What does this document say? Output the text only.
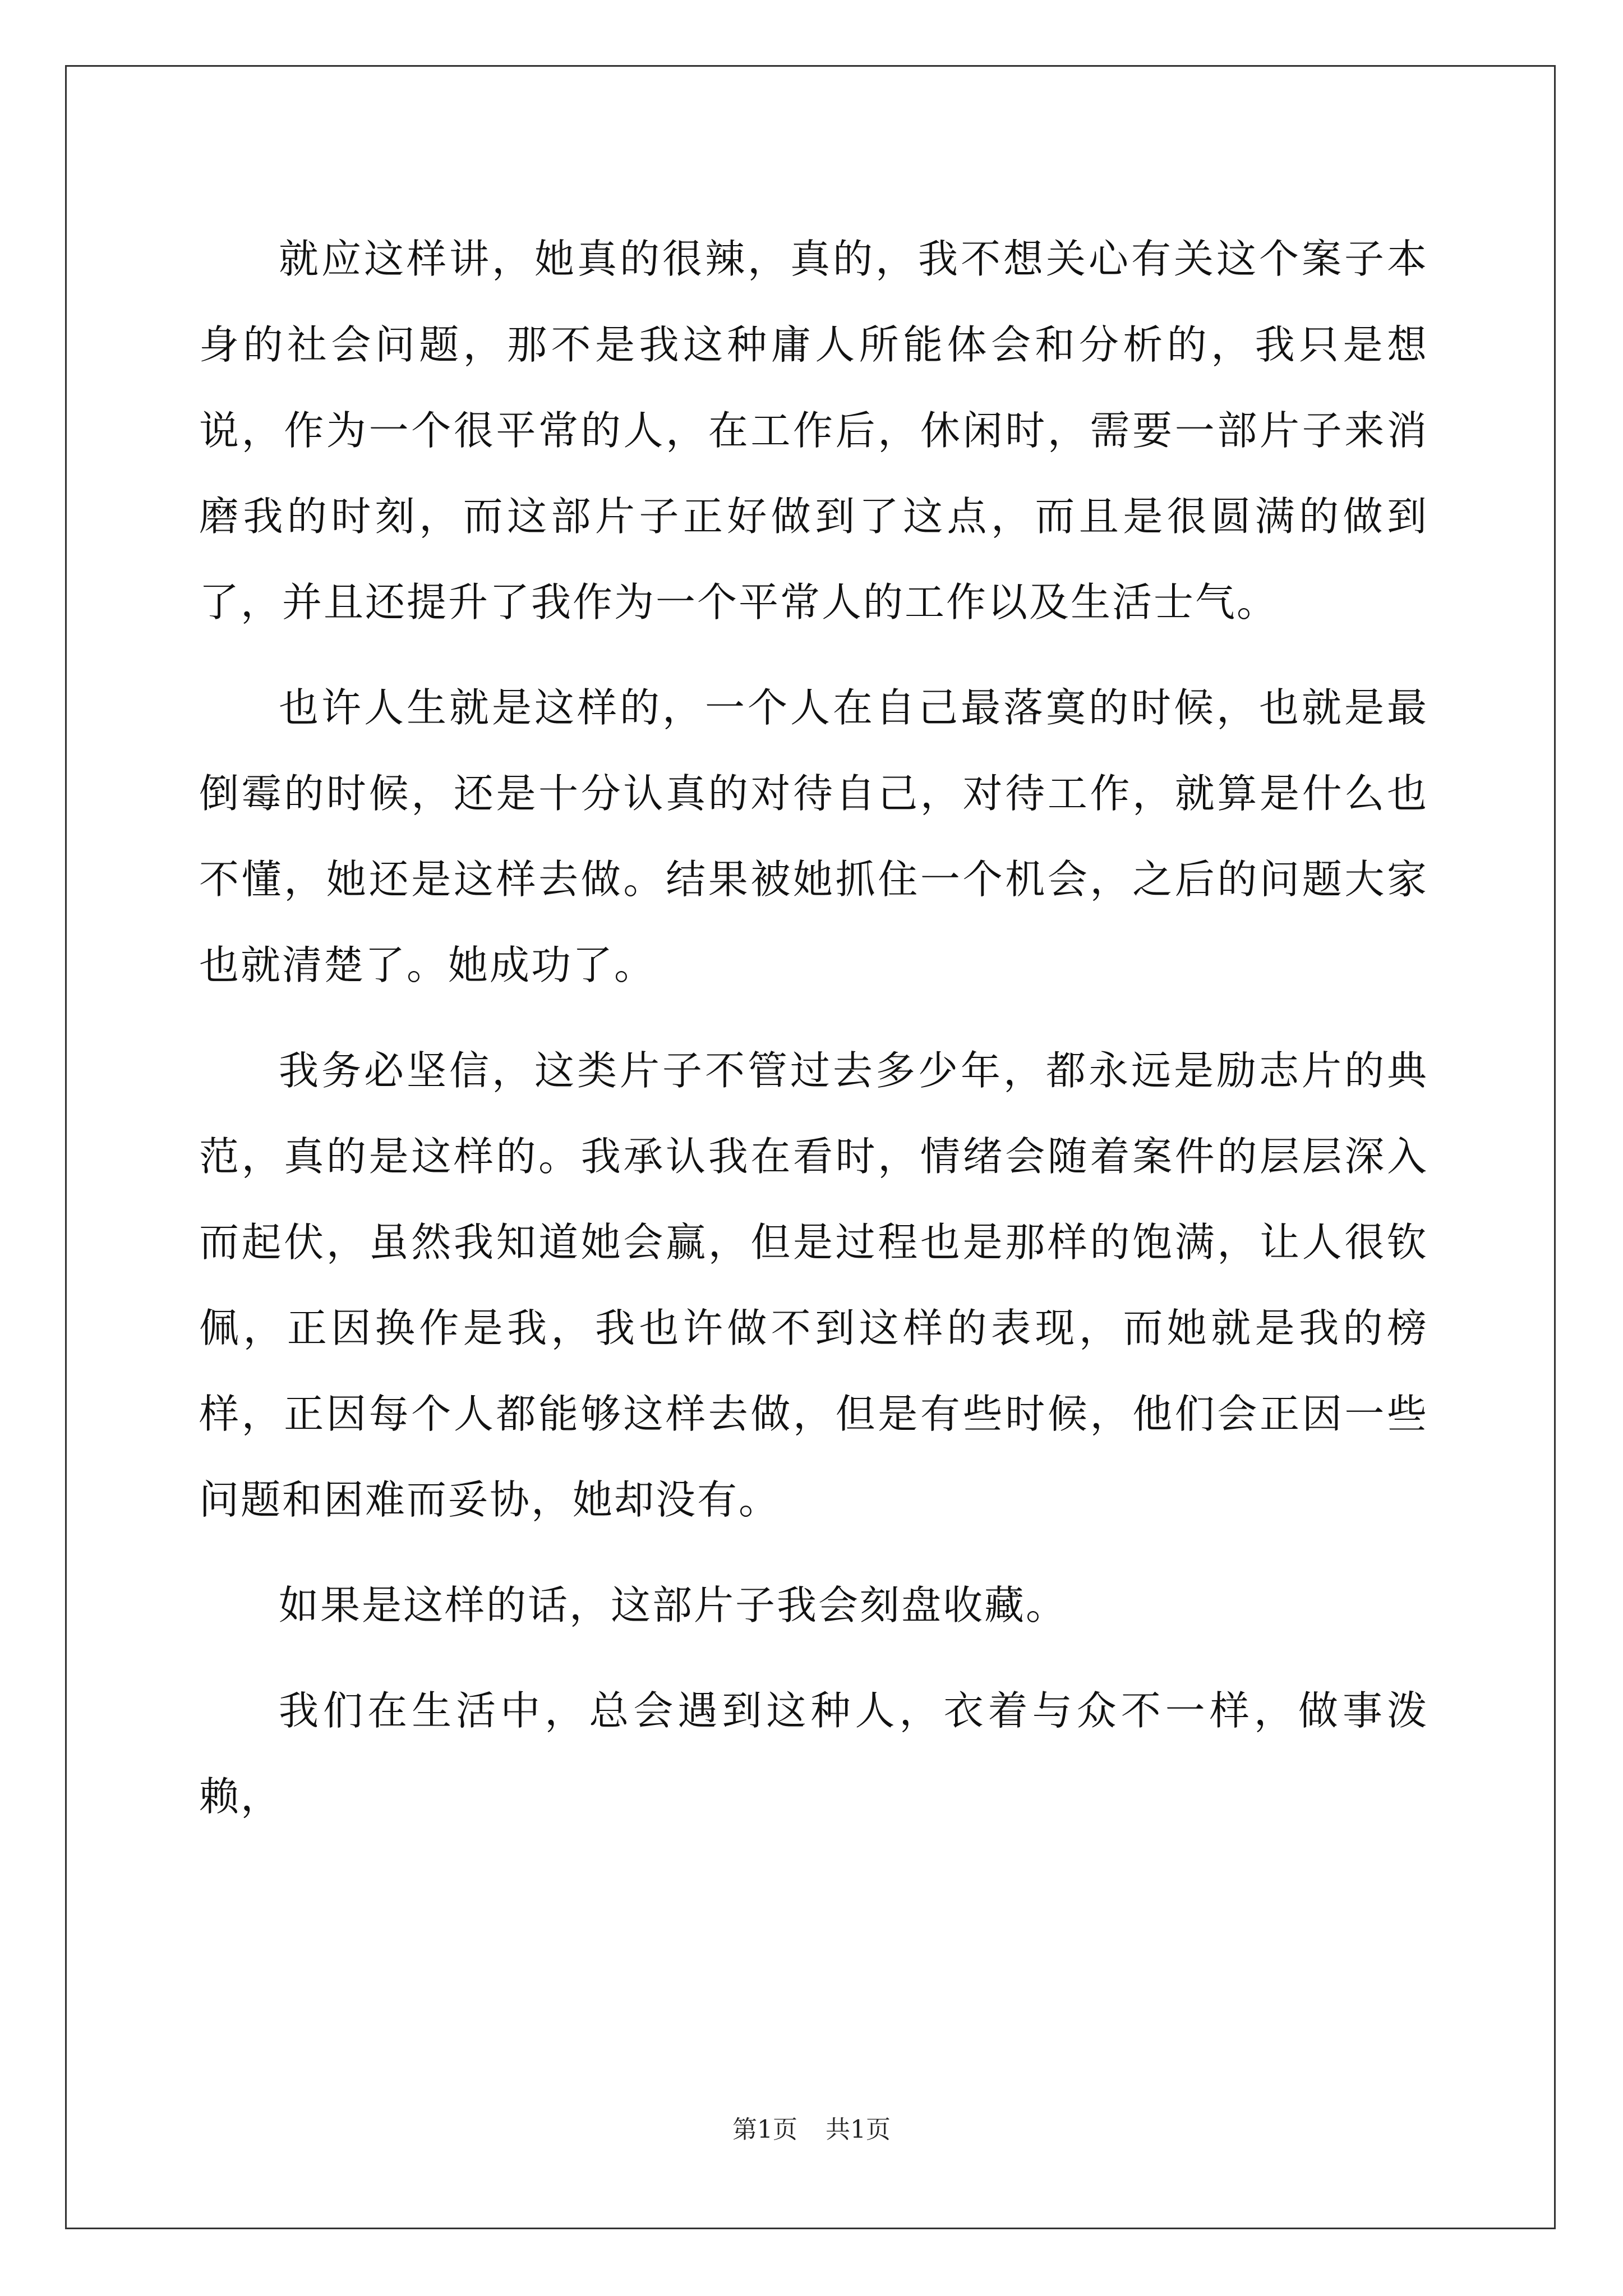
就应这样讲，她真的很辣，真的，我不想关心有关这个案子本身的社会问题，那不是我这种庸人所能体会和分析的，我只是想说，作为一个很平常的人，在工作后，休闲时，需要一部片子来消磨我的时刻，而这部片子正好做到了这点，而且是很圆满的做到了，并且还提升了我作为一个平常人的工作以及生活士气。

也许人生就是这样的，一个人在自己最落寞的时候，也就是最倒霉的时候，还是十分认真的对待自己，对待工作，就算是什么也不懂，她还是这样去做。结果被她抓住一个机会，之后的问题大家也就清楚了。她成功了。

我务必坚信，这类片子不管过去多少年，都永远是励志片的典范，真的是这样的。我承认我在看时，情绪会随着案件的层层深入而起伏，虽然我知道她会赢，但是过程也是那样的饱满，让人很钦佩，正因换作是我，我也许做不到这样的表现，而她就是我的榜样，正因每个人都能够这样去做，但是有些时候，他们会正因一些问题和困难而妥协，她却没有。

如果是这样的话，这部片子我会刻盘收藏。

我们在生活中，总会遇到这种人，衣着与众不一样，做事泼赖，

第1页 共1页
